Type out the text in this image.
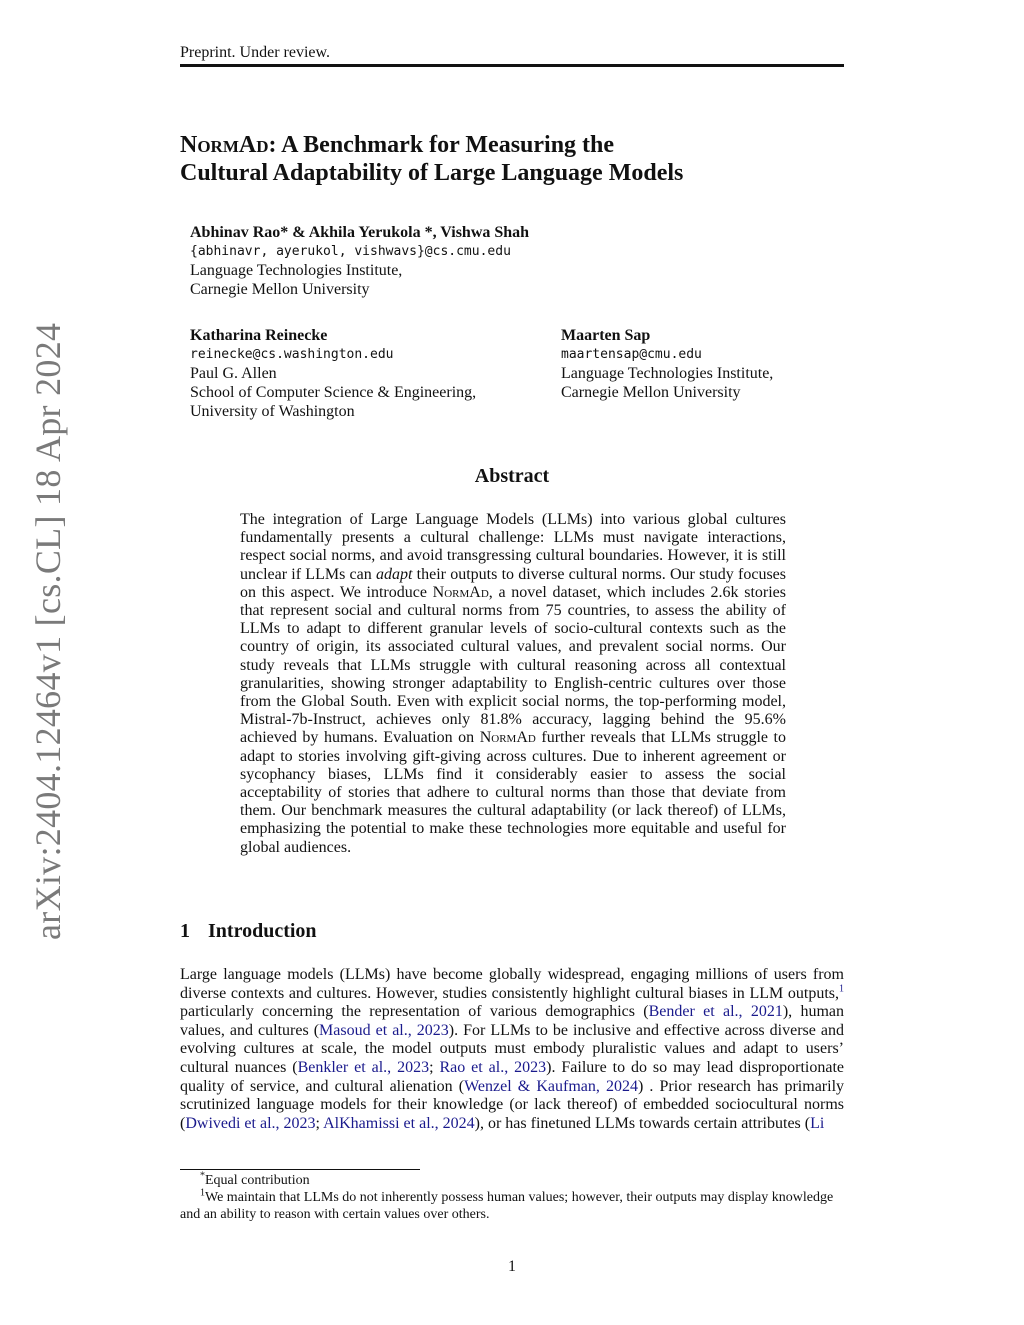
Preprint. Under review.
NormAd: A Benchmark for Measuring the
Cultural Adaptability of Large Language Models
Abhinav Rao* & Akhila Yerukola *, Vishwa Shah
{abhinavr, ayerukol, vishwavs}@cs.cmu.edu
Language Technologies Institute,
Carnegie Mellon University
Katharina Reinecke
reinecke@cs.washington.edu
Paul G. Allen
School of Computer Science & Engineering,
University of Washington
Maarten Sap
maartensap@cmu.edu
Language Technologies Institute,
Carnegie Mellon University
arXiv:2404.12464v1 [cs.CL] 18 Apr 2024	Abstract
The integration of Large Language Models (LLMs) into various global cultures fundamentally presents a cultural challenge: LLMs must navigate interactions, respect social norms, and avoid transgressing cultural boundaries. However, it is still unclear if LLMs can adapt their outputs to diverse cultural norms. Our study focuses on this aspect. We introduce NormAd, a novel dataset, which includes 2.6k stories that represent social and cultural norms from 75 countries, to assess the ability of LLMs to adapt to different granular levels of socio-cultural contexts such as the country of origin, its associated cultural values, and prevalent social norms. Our study reveals that LLMs struggle with cultural reasoning across all contextual granularities, showing stronger adaptability to English-centric cultures over those from the Global South. Even with explicit social norms, the top-performing model, Mistral-7b-Instruct, achieves only 81.8% accuracy, lagging behind the 95.6% achieved by humans. Evaluation on NormAd further reveals that LLMs struggle to adapt to stories involving gift-giving across cultures. Due to inherent agreement or sycophancy biases, LLMs find it considerably easier to assess the social acceptability of stories that adhere to cultural norms than those that deviate from them. Our benchmark measures the cultural adaptability (or lack thereof) of LLMs, emphasizing the potential to make these technologies more equitable and useful for global audiences.
1 Introduction
Large language models (LLMs) have become globally widespread, engaging millions of users from diverse contexts and cultures. However, studies consistently highlight cultural biases in LLM outputs,$^1$ particularly concerning the representation of various demographics (Bender et al., 2021), human values, and cultures (Masoud et al., 2023). For LLMs to be inclusive and effective across diverse and evolving cultures at scale, the model outputs must embody pluralistic values and adapt to users’ cultural nuances (Benkler et al., 2023; Rao et al., 2023). Failure to do so may lead disproportionate quality of service, and cultural alienation (Wenzel & Kaufman, 2024) . Prior research has primarily scrutinized language models for their knowledge (or lack thereof) of embedded sociocultural norms (Dwivedi et al., 2023; AlKhamissi et al., 2024), or has finetuned LLMs towards certain attributes (Li
*Equal contribution
$^1$We maintain that LLMs do not inherently possess human values; however, their outputs may display knowledge and an ability to reason with certain values over others.
1
